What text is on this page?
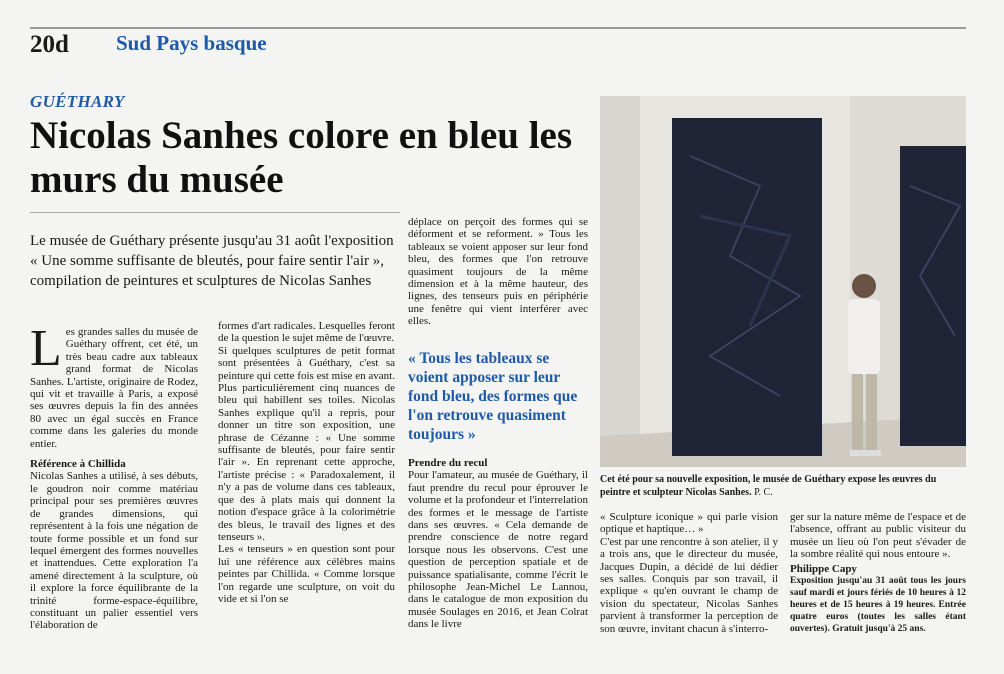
20d Sud Pays basque
GUÉTHARY
Nicolas Sanhes colore en bleu les murs du musée
Le musée de Guéthary présente jusqu'au 31 août l'exposition « Une somme suffisante de bleutés, pour faire sentir l'air », compilation de peintures et sculptures de Nicolas Sanhes

Les grandes salles du musée de Guéthary offrent, cet été, un très beau cadre aux tableaux grand format de Nicolas Sanhes. L'artiste, originaire de Rodez, qui vit et travaille à Paris, a exposé ses œuvres depuis la fin des années 80 avec un égal succès en France comme dans les galeries du monde entier.

Référence à Chillida

Nicolas Sanhes a utilisé, à ses débuts, le goudron noir comme matériau principal pour ses premières œuvres de grandes dimensions, qui représentent à la fois une négation de toute forme possible et un fond sur lequel émergent des formes nouvelles et inattendues. Cette exploration l'a amené directement à la sculpture, où il explore la force équilibrante de la trinité forme-espace-équilibre, constituant un palier essentiel vers l'élaboration de

formes d'art radicales. Lesquelles feront de la question le sujet même de l'œuvre.

Si quelques sculptures de petit format sont présentées à Guéthary, c'est sa peinture qui cette fois est mise en avant. Plus particulièrement cinq nuances de bleu qui habillent ses toiles. Nicolas Sanhes explique qu'il a repris, pour donner un titre son exposition, une phrase de Cézanne : « Une somme suffisante de bleutés, pour faire sentir l'air ». En reprenant cette approche, l'artiste précise : « Paradoxalement, il n'y a pas de volume dans ces tableaux, que des à plats mais qui donnent la notion d'espace grâce à la colorimétrie des bleus, le travail des lignes et des tenseurs ».

Les « tenseurs » en question sont pour lui une référence aux célèbres mains peintes par Chillida. « Comme lorsque l'on regarde une sculpture, on voit du vide et si l'on se

déplace on perçoit des formes qui se déforment et se reforment. » Tous les tableaux se voient apposer sur leur fond bleu, des formes que l'on retrouve quasiment toujours de la même dimension et à la même hauteur, des lignes, des tenseurs puis en périphérie une fenêtre qui vient interférer avec elles.

« Tous les tableaux se voient apposer sur leur fond bleu, des formes que l'on retrouve quasiment toujours »

Prendre du recul

Pour l'amateur, au musée de Guéthary, il faut prendre du recul pour éprouver le volume et la profondeur et l'interrelation des formes et le message de l'artiste dans ses œuvres. « Cela demande de prendre conscience de notre regard lorsque nous les observons. C'est une question de perception spatiale et de puissance spatialisante, comme l'écrit le philosophe Jean-Michel Le Lannou, dans le catalogue de mon exposition du musée Soulages en 2016, et Jean Colrat dans le livre

Cet été pour sa nouvelle exposition, le musée de Guéthary expose les œuvres du peintre et sculpteur Nicolas Sanhes. P. C.

« Sculpture iconique » qui parle vision optique et haptique… »

C'est par une rencontre à son atelier, il y a trois ans, que le directeur du musée, Jacques Dupin, a décidé de lui dédier ses salles. Conquis par son travail, il explique « qu'en ouvrant le champ de vision du spectateur, Nicolas Sanhes parvient à transformer la perception de son œuvre, invitant chacun à s'interro-

ger sur la nature même de l'espace et de l'absence, offrant au public visiteur du musée un lieu où l'on peut s'évader de la sombre réalité qui nous entoure ».

Philippe Capy

Exposition jusqu'au 31 août tous les jours sauf mardi et jours fériés de 10 heures à 12 heures et de 15 heures à 19 heures. Entrée quatre euros (toutes les salles étant ouvertes). Gratuit jusqu'à 25 ans.
